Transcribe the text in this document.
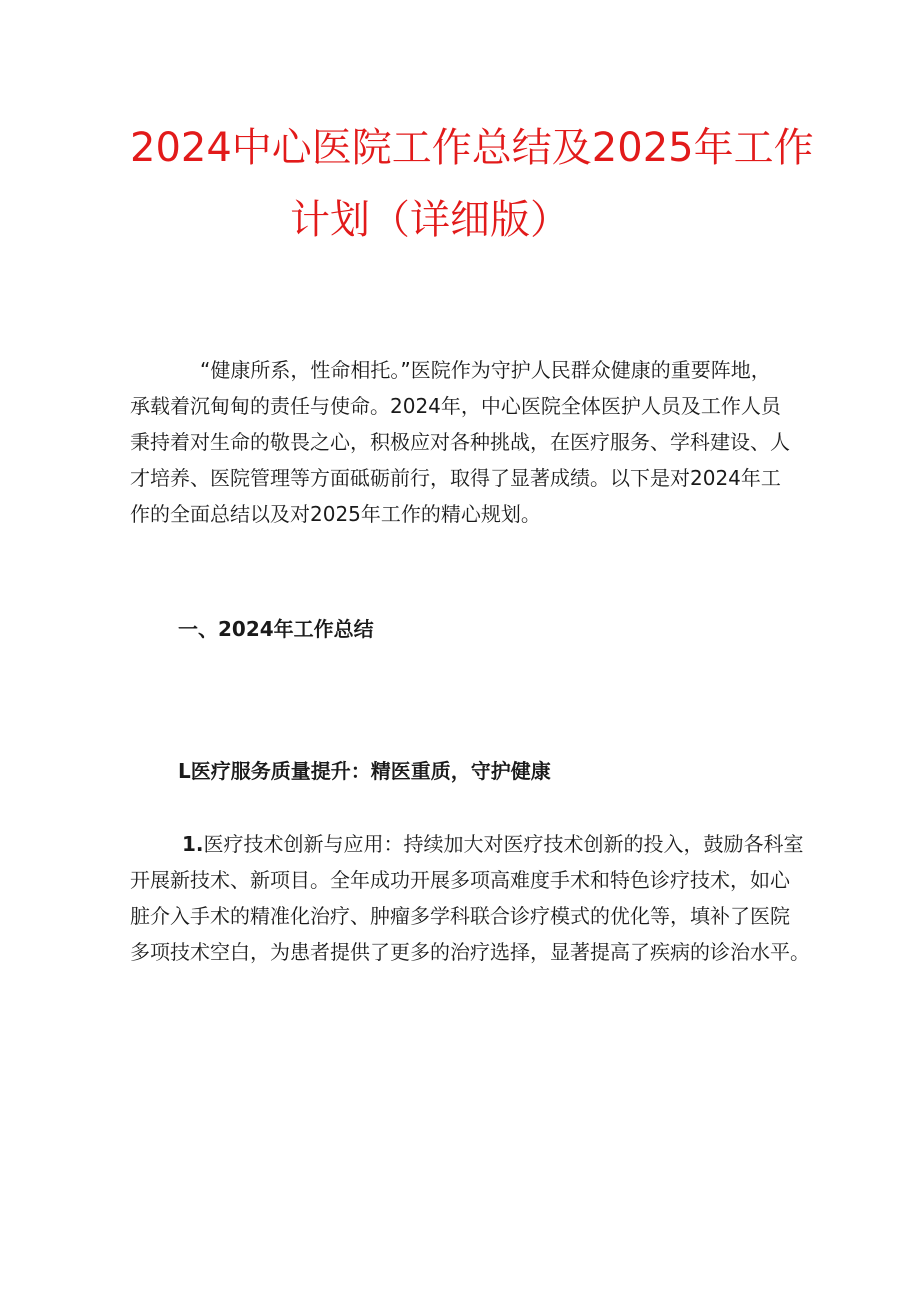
2024中心医院工作总结及2025年工作
计划（详细版）
“健康所系，性命相托。”医院作为守护人民群众健康的重要阵地，
承载着沉甸甸的责任与使命。2024年，中心医院全体医护人员及工作人员
秉持着对生命的敬畏之心，积极应对各种挑战，在医疗服务、学科建设、人
才培养、医院管理等方面砥砺前行，取得了显著成绩。以下是对2024年工
作的全面总结以及对2025年工作的精心规划。
一、2024年工作总结
L医疗服务质量提升：精医重质，守护健康
1.医疗技术创新与应用：持续加大对医疗技术创新的投入，鼓励各科室
开展新技术、新项目。全年成功开展多项高难度手术和特色诊疗技术，如心
脏介入手术的精准化治疗、肿瘤多学科联合诊疗模式的优化等，填补了医院
多项技术空白，为患者提供了更多的治疗选择，显著提高了疾病的诊治水平。
